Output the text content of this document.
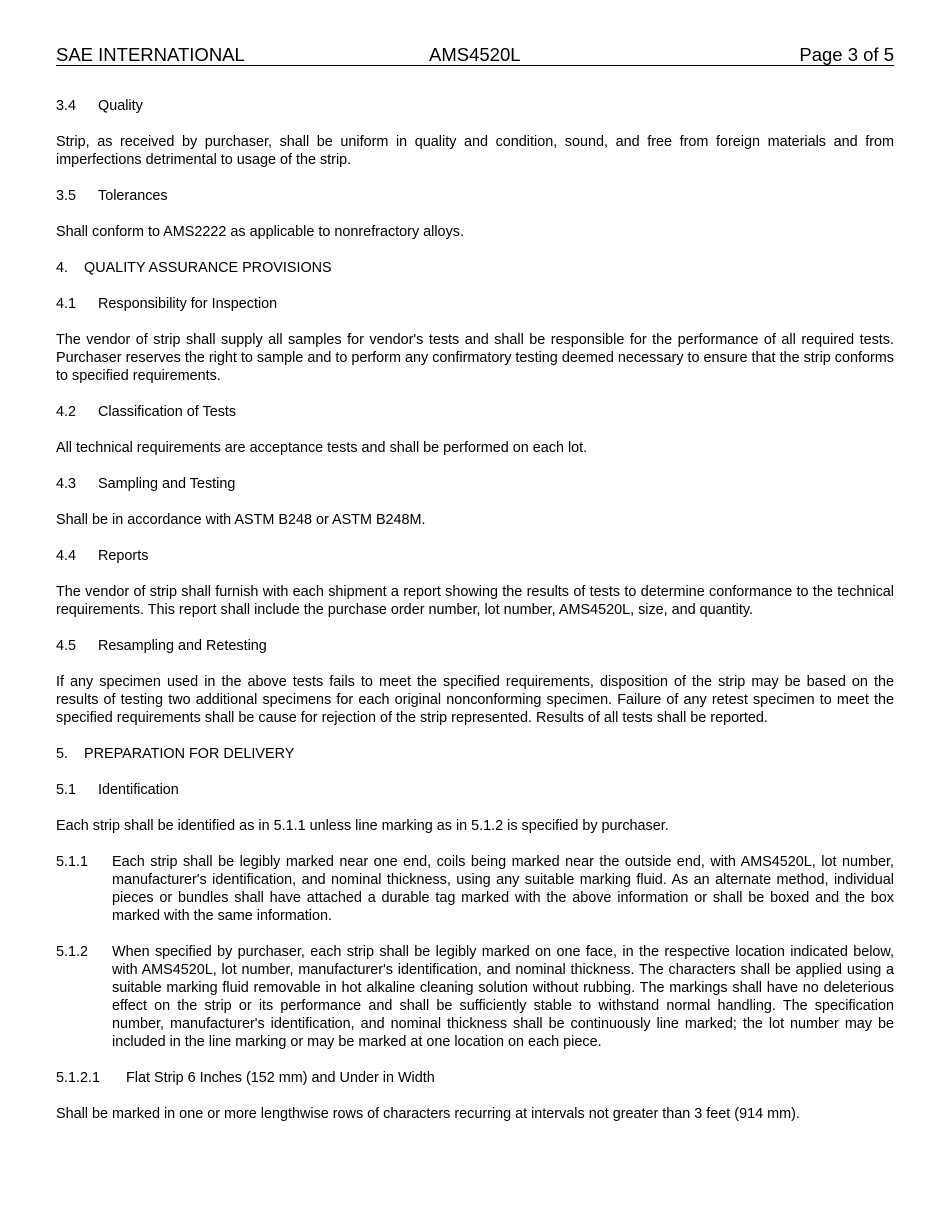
SAE INTERNATIONAL	AMS4520L	Page 3 of 5
3.4	Quality
Strip, as received by purchaser, shall be uniform in quality and condition, sound, and free from foreign materials and from imperfections detrimental to usage of the strip.
3.5	Tolerances
Shall conform to AMS2222 as applicable to nonrefractory alloys.
4.	QUALITY ASSURANCE PROVISIONS
4.1	Responsibility for Inspection
The vendor of strip shall supply all samples for vendor's tests and shall be responsible for the performance of all required tests. Purchaser reserves the right to sample and to perform any confirmatory testing deemed necessary to ensure that the strip conforms to specified requirements.
4.2	Classification of Tests
All technical requirements are acceptance tests and shall be performed on each lot.
4.3	Sampling and Testing
Shall be in accordance with ASTM B248 or ASTM B248M.
4.4	Reports
The vendor of strip shall furnish with each shipment a report showing the results of tests to determine conformance to the technical requirements. This report shall include the purchase order number, lot number, AMS4520L, size, and quantity.
4.5	Resampling and Retesting
If any specimen used in the above tests fails to meet the specified requirements, disposition of the strip may be based on the results of testing two additional specimens for each original nonconforming specimen. Failure of any retest specimen to meet the specified requirements shall be cause for rejection of the strip represented. Results of all tests shall be reported.
5.	PREPARATION FOR DELIVERY
5.1	Identification
Each strip shall be identified as in 5.1.1 unless line marking as in 5.1.2 is specified by purchaser.
5.1.1	Each strip shall be legibly marked near one end, coils being marked near the outside end, with AMS4520L, lot number, manufacturer's identification, and nominal thickness, using any suitable marking fluid. As an alternate method, individual pieces or bundles shall have attached a durable tag marked with the above information or shall be boxed and the box marked with the same information.
5.1.2	When specified by purchaser, each strip shall be legibly marked on one face, in the respective location indicated below, with AMS4520L, lot number, manufacturer's identification, and nominal thickness. The characters shall be applied using a suitable marking fluid removable in hot alkaline cleaning solution without rubbing. The markings shall have no deleterious effect on the strip or its performance and shall be sufficiently stable to withstand normal handling. The specification number, manufacturer's identification, and nominal thickness shall be continuously line marked; the lot number may be included in the line marking or may be marked at one location on each piece.
5.1.2.1	Flat Strip 6 Inches (152 mm) and Under in Width
Shall be marked in one or more lengthwise rows of characters recurring at intervals not greater than 3 feet (914 mm).
